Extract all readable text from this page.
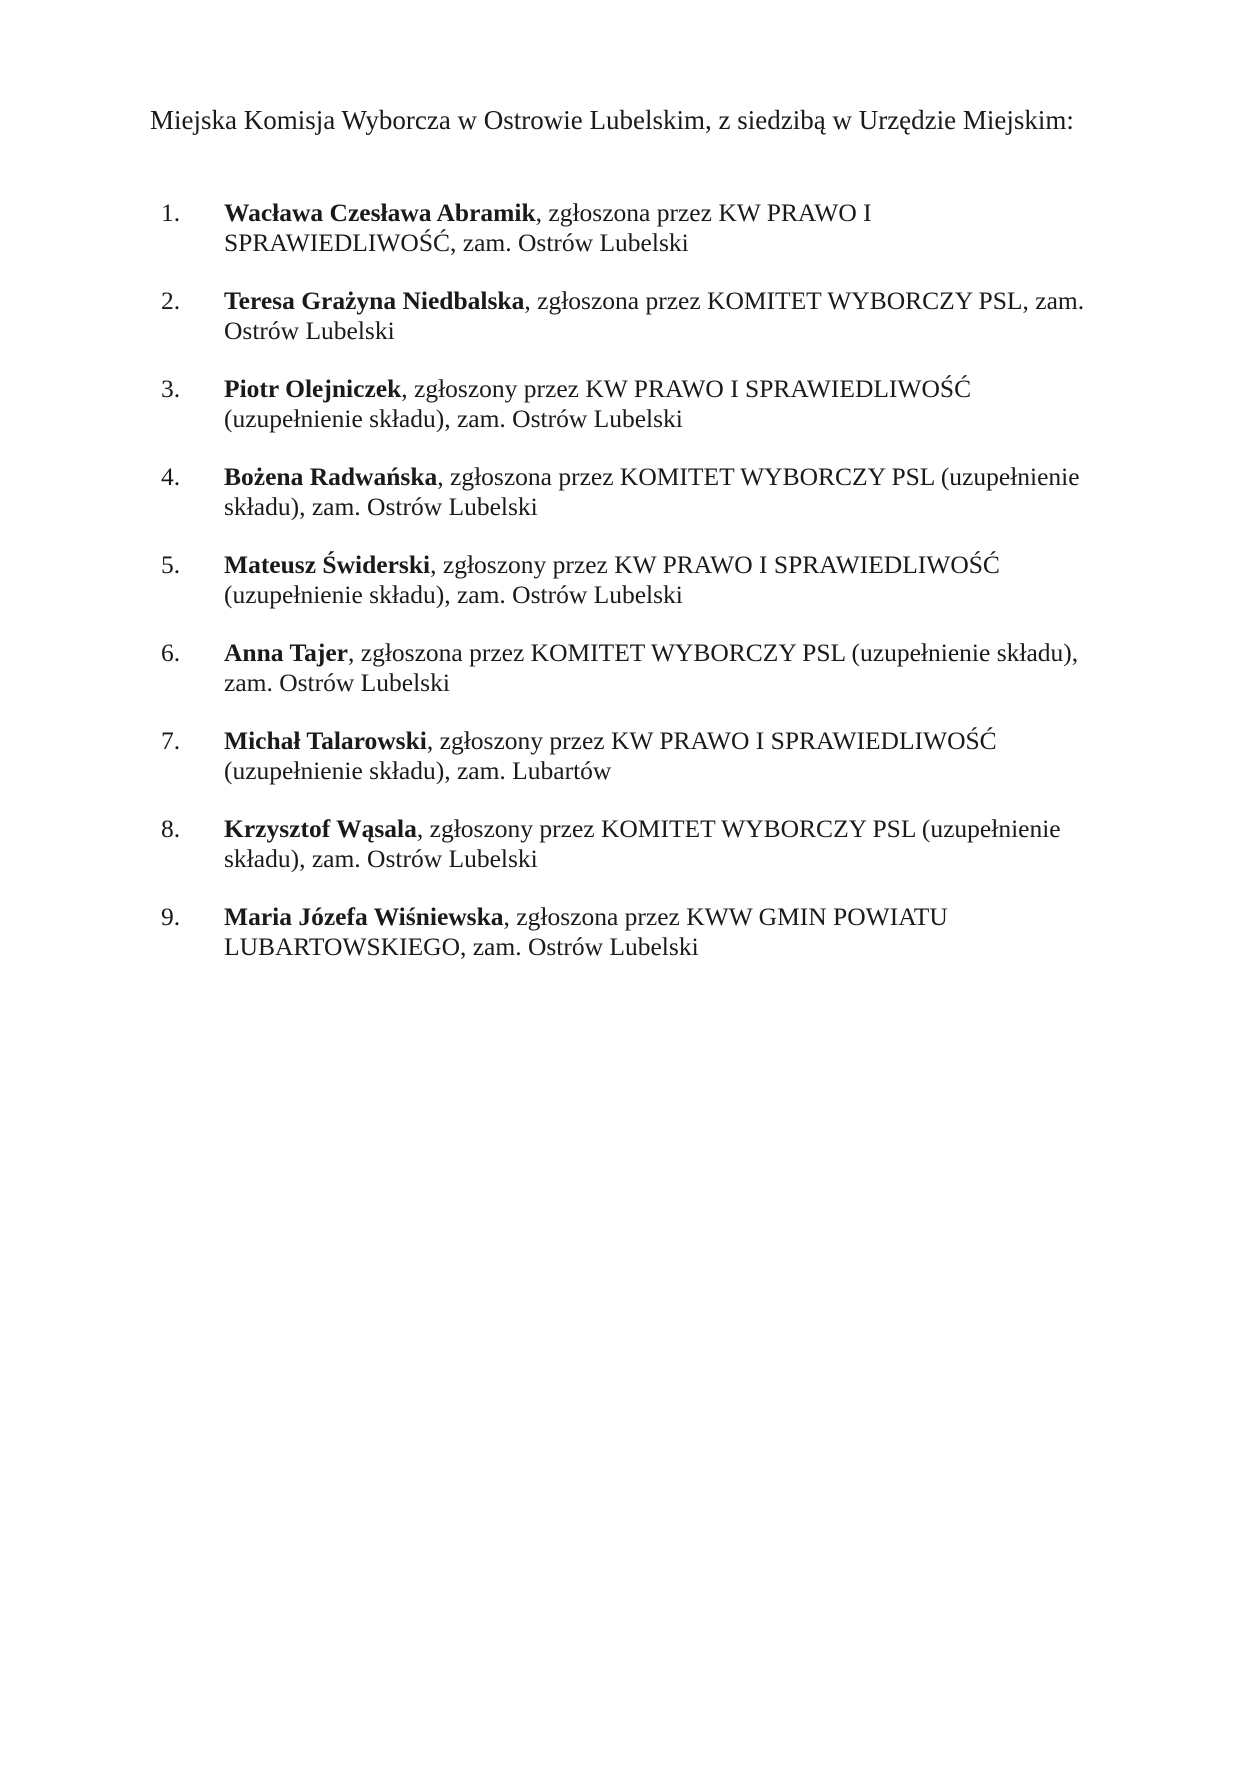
Miejska Komisja Wyborcza w Ostrowie Lubelskim, z siedzibą w Urzędzie Miejskim:
1. Wacława Czesława Abramik, zgłoszona przez KW PRAWO I SPRAWIEDLIWOŚĆ, zam. Ostrów Lubelski
2. Teresa Grażyna Niedbalska, zgłoszona przez KOMITET WYBORCZY PSL, zam. Ostrów Lubelski
3. Piotr Olejniczek, zgłoszony przez KW PRAWO I SPRAWIEDLIWOŚĆ (uzupełnienie składu), zam. Ostrów Lubelski
4. Bożena Radwańska, zgłoszona przez KOMITET WYBORCZY PSL (uzupełnienie składu), zam. Ostrów Lubelski
5. Mateusz Świderski, zgłoszony przez KW PRAWO I SPRAWIEDLIWOŚĆ (uzupełnienie składu), zam. Ostrów Lubelski
6. Anna Tajer, zgłoszona przez KOMITET WYBORCZY PSL (uzupełnienie składu), zam. Ostrów Lubelski
7. Michał Talarowski, zgłoszony przez KW PRAWO I SPRAWIEDLIWOŚĆ (uzupełnienie składu), zam. Lubartów
8. Krzysztof Wąsala, zgłoszony przez KOMITET WYBORCZY PSL (uzupełnienie składu), zam. Ostrów Lubelski
9. Maria Józefa Wiśniewska, zgłoszona przez KWW GMIN POWIATU LUBARTOWSKIEGO, zam. Ostrów Lubelski
